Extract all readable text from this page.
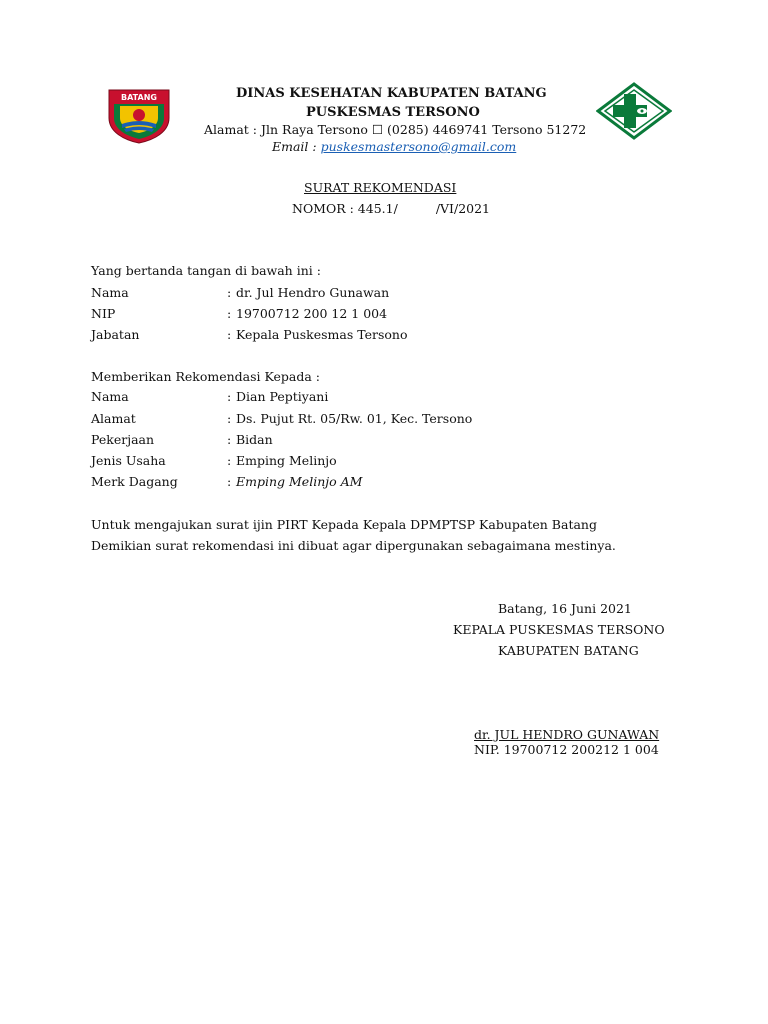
BATANG	DINAS KESEHATAN KABUPATEN BATANG
PUSKESMAS TERSONO
Alamat : Jln Raya Tersono ☐ (0285) 4469741 Tersono 51272
Email : puskesmastersono@gmail.com
SURAT REKOMENDASI
NOMOR : 445.1/	/VI/2021
Yang bertanda tangan di bawah ini :
Nama	: dr. Jul Hendro Gunawan
NIP	: 19700712 200 12 1 004
Jabatan	: Kepala Puskesmas Tersono
Memberikan Rekomendasi Kepada :
Nama	: Dian Peptiyani
Alamat	: Ds. Pujut Rt. 05/Rw. 01, Kec. Tersono
Pekerjaan	: Bidan
Jenis Usaha	: Emping Melinjo
Merk Dagang	: Emping Melinjo AM
Untuk mengajukan surat ijin PIRT Kepada Kepala DPMPTSP Kabupaten Batang
Demikian surat rekomendasi ini dibuat agar dipergunakan sebagaimana mestinya.
Batang, 16 Juni 2021
KEPALA PUSKESMAS TERSONO
KABUPATEN BATANG
dr. JUL HENDRO GUNAWAN
NIP. 19700712 200212 1 004
